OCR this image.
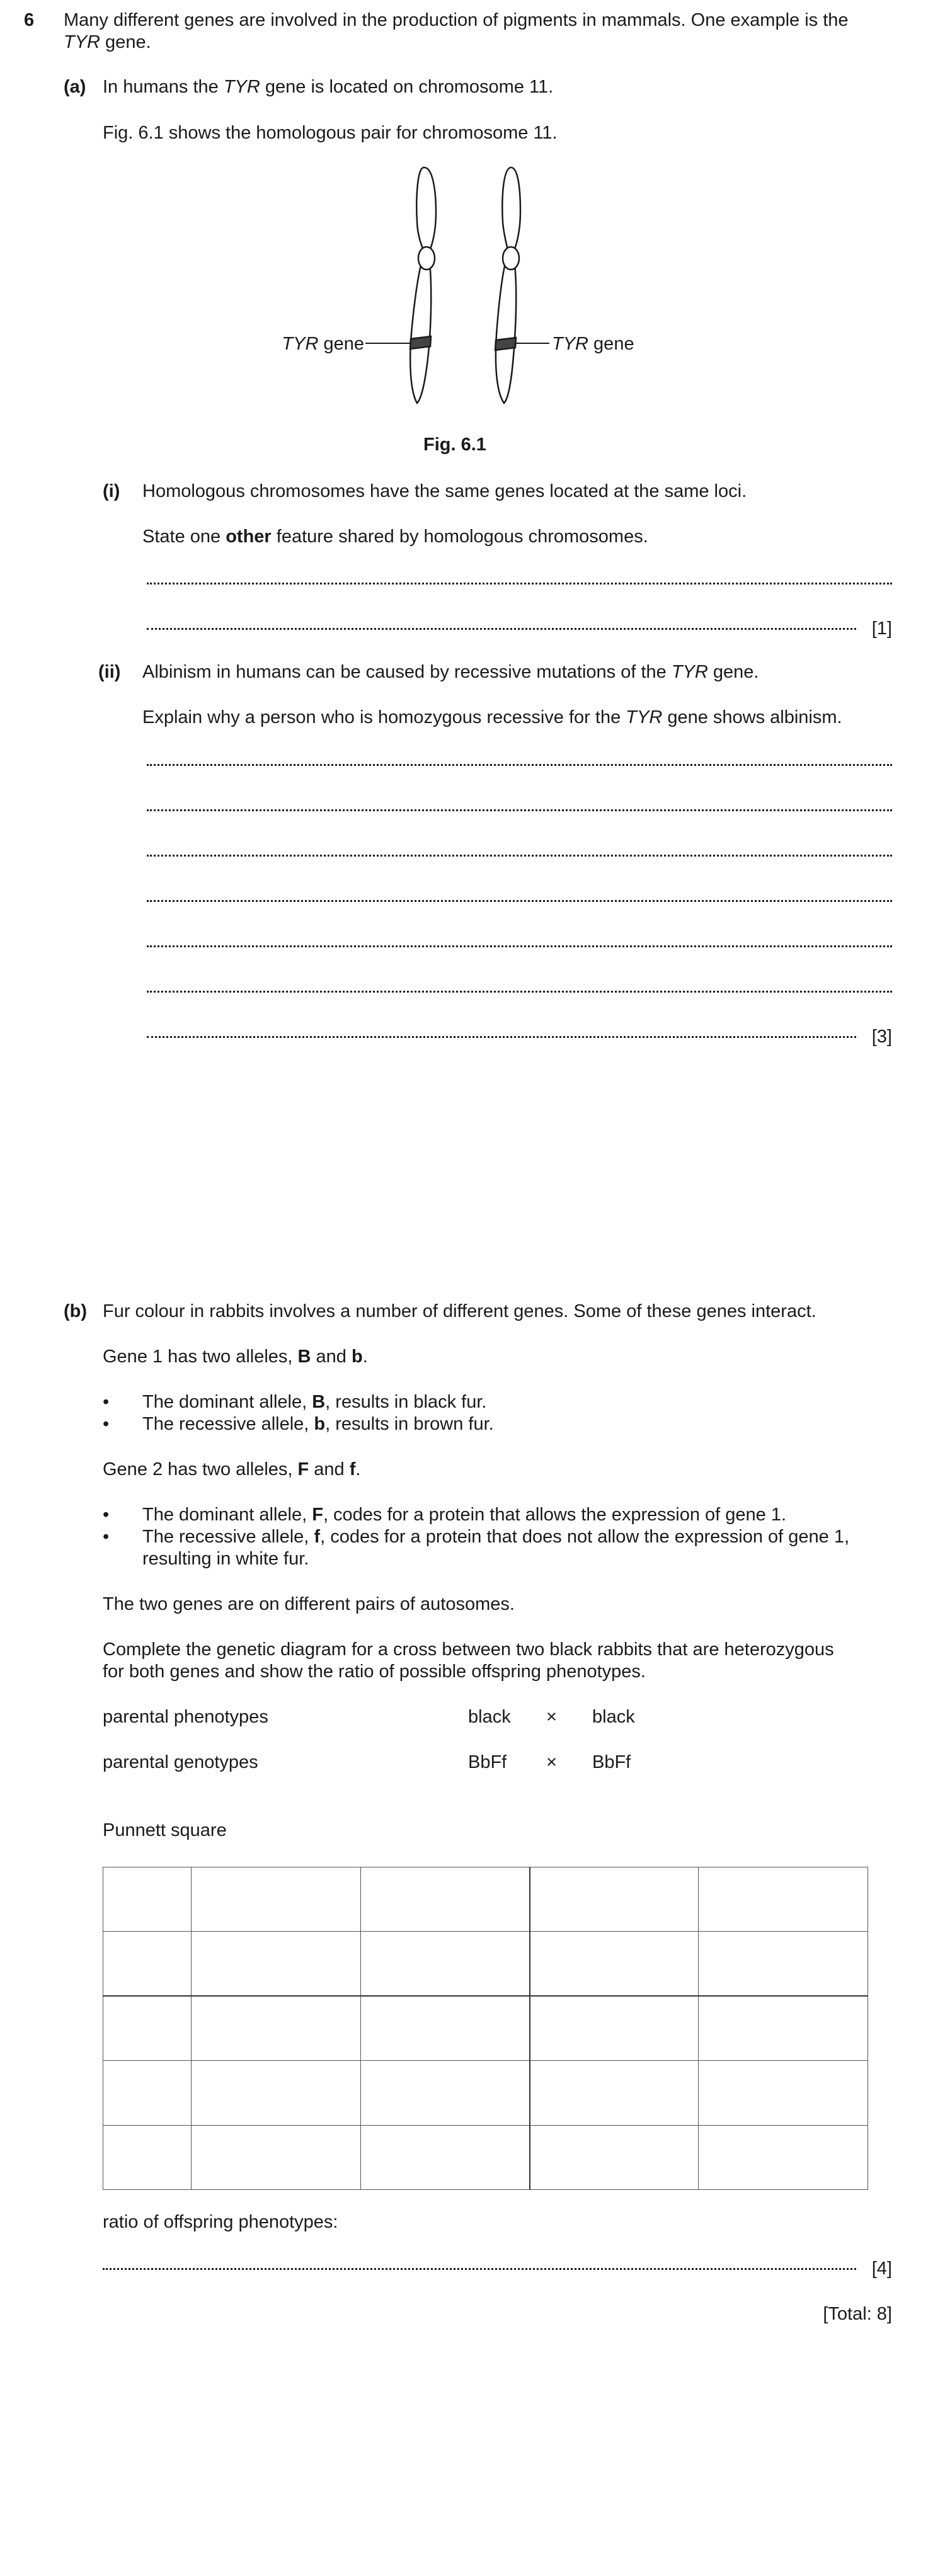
6 Many different genes are involved in the production of pigments in mammals. One example is the
TYR gene.
(a) In humans the TYR gene is located on chromosome 11.
Fig. 6.1 shows the homologous pair for chromosome 11.
TYR gene	TYR gene
Fig. 6.1
(i) Homologous chromosomes have the same genes located at the same loci.
State one other feature shared by homologous chromosomes.
[1]
(ii) Albinism in humans can be caused by recessive mutations of the TYR gene.
Explain why a person who is homozygous recessive for the TYR gene shows albinism.
[3]
(b) Fur colour in rabbits involves a number of different genes. Some of these genes interact.
Gene 1 has two alleles, B and b.
• The dominant allele, B, results in black fur.
• The recessive allele, b, results in brown fur.
Gene 2 has two alleles, F and f.
• The dominant allele, F, codes for a protein that allows the expression of gene 1.
• The recessive allele, f, codes for a protein that does not allow the expression of gene 1,
resulting in white fur.
The two genes are on different pairs of autosomes.
Complete the genetic diagram for a cross between two black rabbits that are heterozygous
for both genes and show the ratio of possible offspring phenotypes.
parental phenotypes	black × black
parental genotypes	BbFf × BbFf
Punnett square

ratio of offspring phenotypes:
[4]
[Total: 8]
